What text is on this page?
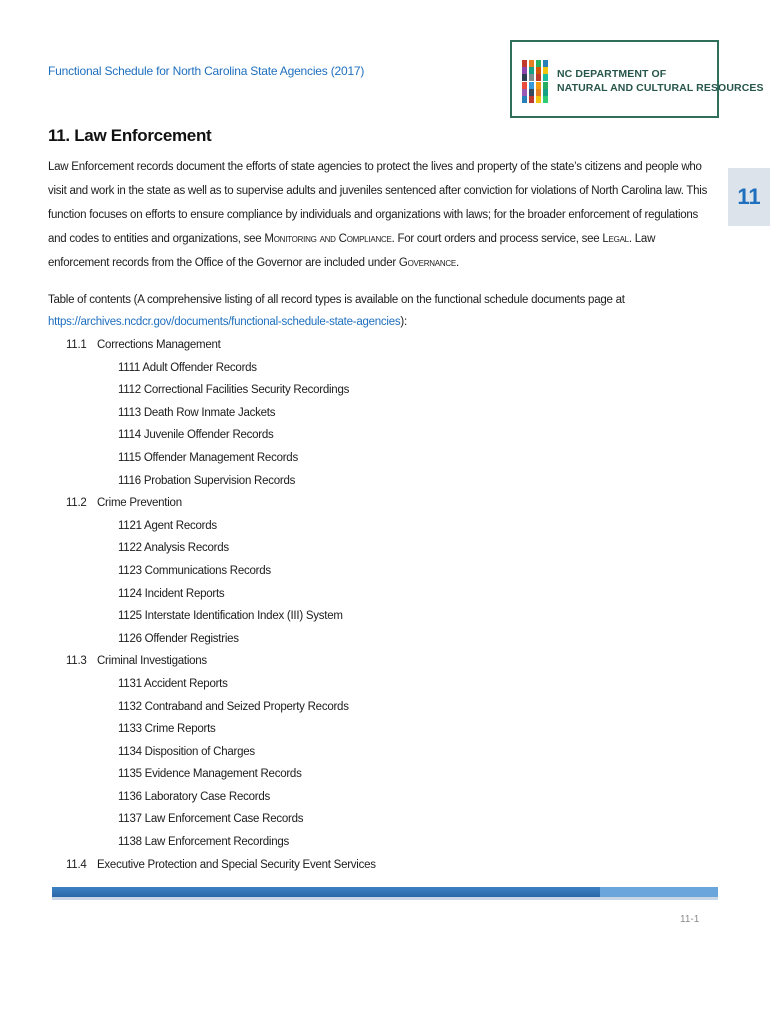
Functional Schedule for North Carolina State Agencies (2017)	NC DEPARTMENT OF
NATURAL AND CULTURAL RESOURCES
11. Law Enforcement
11
Law Enforcement records document the efforts of state agencies to protect the lives and property of the state’s citizens and people who visit and work in the state as well as to supervise adults and juveniles sentenced after conviction for violations of North Carolina law. This function focuses on efforts to ensure compliance by individuals and organizations with laws; for the broader enforcement of regulations and codes to entities and organizations, see Monitoring and Compliance. For court orders and process service, see Legal. Law enforcement records from the Office of the Governor are included under Governance.
Table of contents (A comprehensive listing of all record types is available on the functional schedule documents page at
https://archives.ncdcr.gov/documents/functional-schedule-state-agencies):
11.1 Corrections Management
1111 Adult Offender Records
1112 Correctional Facilities Security Recordings
1113 Death Row Inmate Jackets
1114 Juvenile Offender Records
1115 Offender Management Records
1116 Probation Supervision Records
11.2 Crime Prevention
1121 Agent Records
1122 Analysis Records
1123 Communications Records
1124 Incident Reports
1125 Interstate Identification Index (III) System
1126 Offender Registries
11.3 Criminal Investigations
1131 Accident Reports
1132 Contraband and Seized Property Records
1133 Crime Reports
1134 Disposition of Charges
1135 Evidence Management Records
1136 Laboratory Case Records
1137 Law Enforcement Case Records
1138 Law Enforcement Recordings
11.4 Executive Protection and Special Security Event Services
11-1
